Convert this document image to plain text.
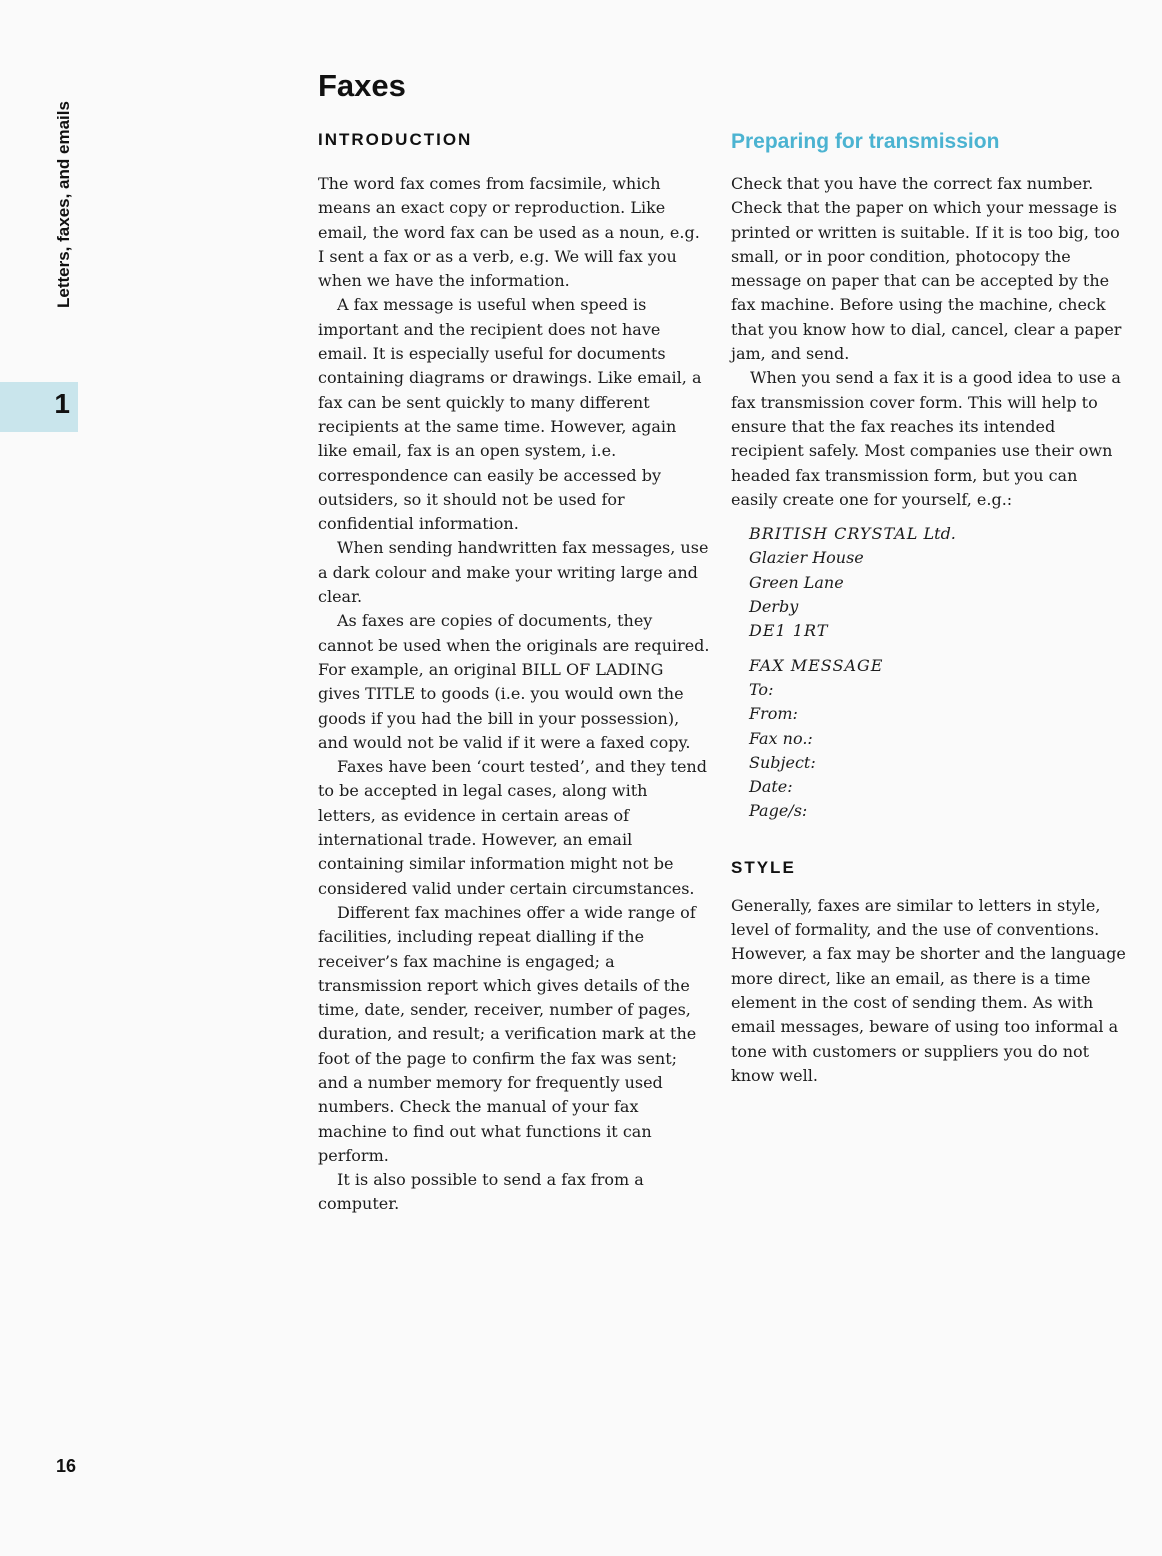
Letters, faxes, and emails
1
16
Faxes
INTRODUCTION

The word fax comes from facsimile, which means an exact copy or reproduction. Like email, the word fax can be used as a noun, e.g. I sent a fax or as a verb, e.g. We will fax you when we have the information.

A fax message is useful when speed is important and the recipient does not have email. It is especially useful for documents containing diagrams or drawings. Like email, a fax can be sent quickly to many different recipients at the same time. However, again like email, fax is an open system, i.e. correspondence can easily be accessed by outsiders, so it should not be used for confidential information.

When sending handwritten fax messages, use a dark colour and make your writing large and clear.

As faxes are copies of documents, they cannot be used when the originals are required. For example, an original BILL OF LADING gives TITLE to goods (i.e. you would own the goods if you had the bill in your possession), and would not be valid if it were a faxed copy.

Faxes have been ‘court tested’, and they tend to be accepted in legal cases, along with letters, as evidence in certain areas of international trade. However, an email containing similar information might not be considered valid under certain circumstances.

Different fax machines offer a wide range of facilities, including repeat dialling if the receiver’s fax machine is engaged; a transmission report which gives details of the time, date, sender, receiver, number of pages, duration, and result; a verification mark at the foot of the page to confirm the fax was sent; and a number memory for frequently used numbers. Check the manual of your fax machine to find out what functions it can perform.

It is also possible to send a fax from a computer.

Preparing for transmission

Check that you have the correct fax number. Check that the paper on which your message is printed or written is suitable. If it is too big, too small, or in poor condition, photocopy the message on paper that can be accepted by the fax machine. Before using the machine, check that you know how to dial, cancel, clear a paper jam, and send.

When you send a fax it is a good idea to use a fax transmission cover form. This will help to ensure that the fax reaches its intended recipient safely. Most companies use their own headed fax transmission form, but you can easily create one for yourself, e.g.:

BRITISH CRYSTAL Ltd.
Glazier House
Green Lane
Derby
DE1 1RT
FAX MESSAGE
To:
From:
Fax no.:
Subject:
Date:
Page/s:
STYLE

Generally, faxes are similar to letters in style, level of formality, and the use of conventions. However, a fax may be shorter and the language more direct, like an email, as there is a time element in the cost of sending them. As with email messages, beware of using too informal a tone with customers or suppliers you do not know well.
